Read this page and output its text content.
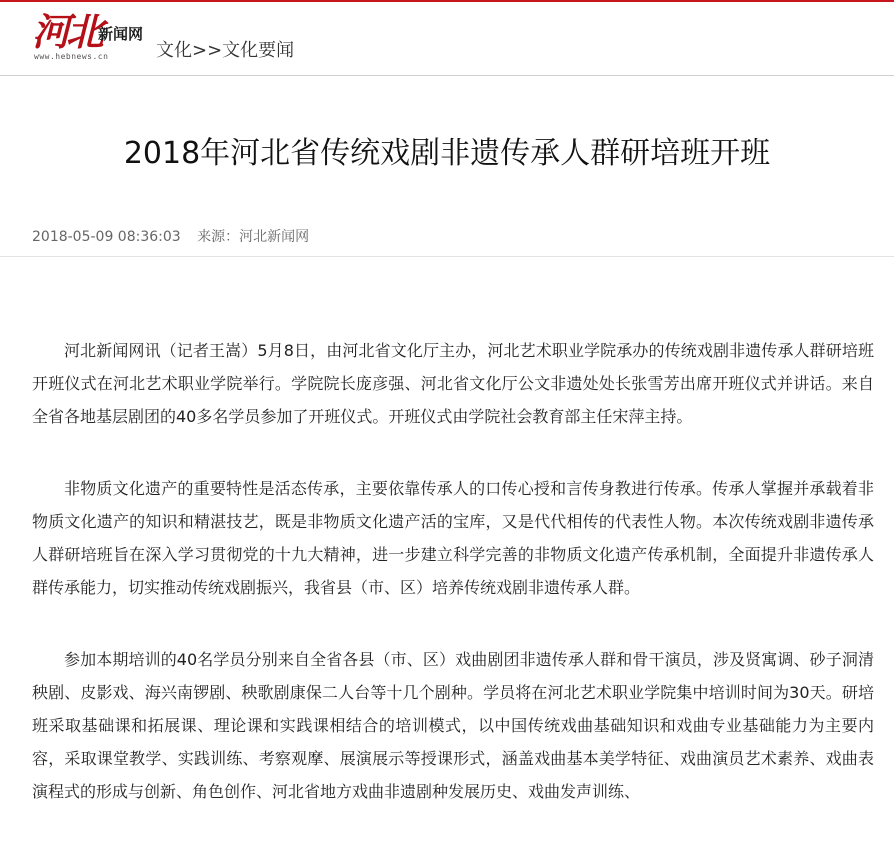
河北
新闻网
www.hebnews.cn	文化>>文化要闻
2018年河北省传统戏剧非遗传承人群研培班开班
2018-05-09 08:36:03 来源：河北新闻网

河北新闻网讯（记者王嵩）5月8日，由河北省文化厅主办，河北艺术职业学院承办的传统戏剧非遗传承人群研培班开班仪式在河北艺术职业学院举行。学院院长庞彦强、河北省文化厅公文非遗处处长张雪芳出席开班仪式并讲话。来自全省各地基层剧团的40多名学员参加了开班仪式。开班仪式由学院社会教育部主任宋萍主持。

非物质文化遗产的重要特性是活态传承，主要依靠传承人的口传心授和言传身教进行传承。传承人掌握并承载着非物质文化遗产的知识和精湛技艺，既是非物质文化遗产活的宝库，又是代代相传的代表性人物。本次传统戏剧非遗传承人群研培班旨在深入学习贯彻党的十九大精神，进一步建立科学完善的非物质文化遗产传承机制，全面提升非遗传承人群传承能力，切实推动传统戏剧振兴，我省县（市、区）培养传统戏剧非遗传承人群。

参加本期培训的40名学员分别来自全省各县（市、区）戏曲剧团非遗传承人群和骨干演员，涉及贤寓调、砂子洞清秧剧、皮影戏、海兴南锣剧、秧歌剧康保二人台等十几个剧种。学员将在河北艺术职业学院集中培训时间为30天。研培班采取基础课和拓展课、理论课和实践课相结合的培训模式，以中国传统戏曲基础知识和戏曲专业基础能力为主要内容，采取课堂教学、实践训练、考察观摩、展演展示等授课形式，涵盖戏曲基本美学特征、戏曲演员艺术素养、戏曲表演程式的形成与创新、角色创作、河北省地方戏曲非遗剧种发展历史、戏曲发声训练、
